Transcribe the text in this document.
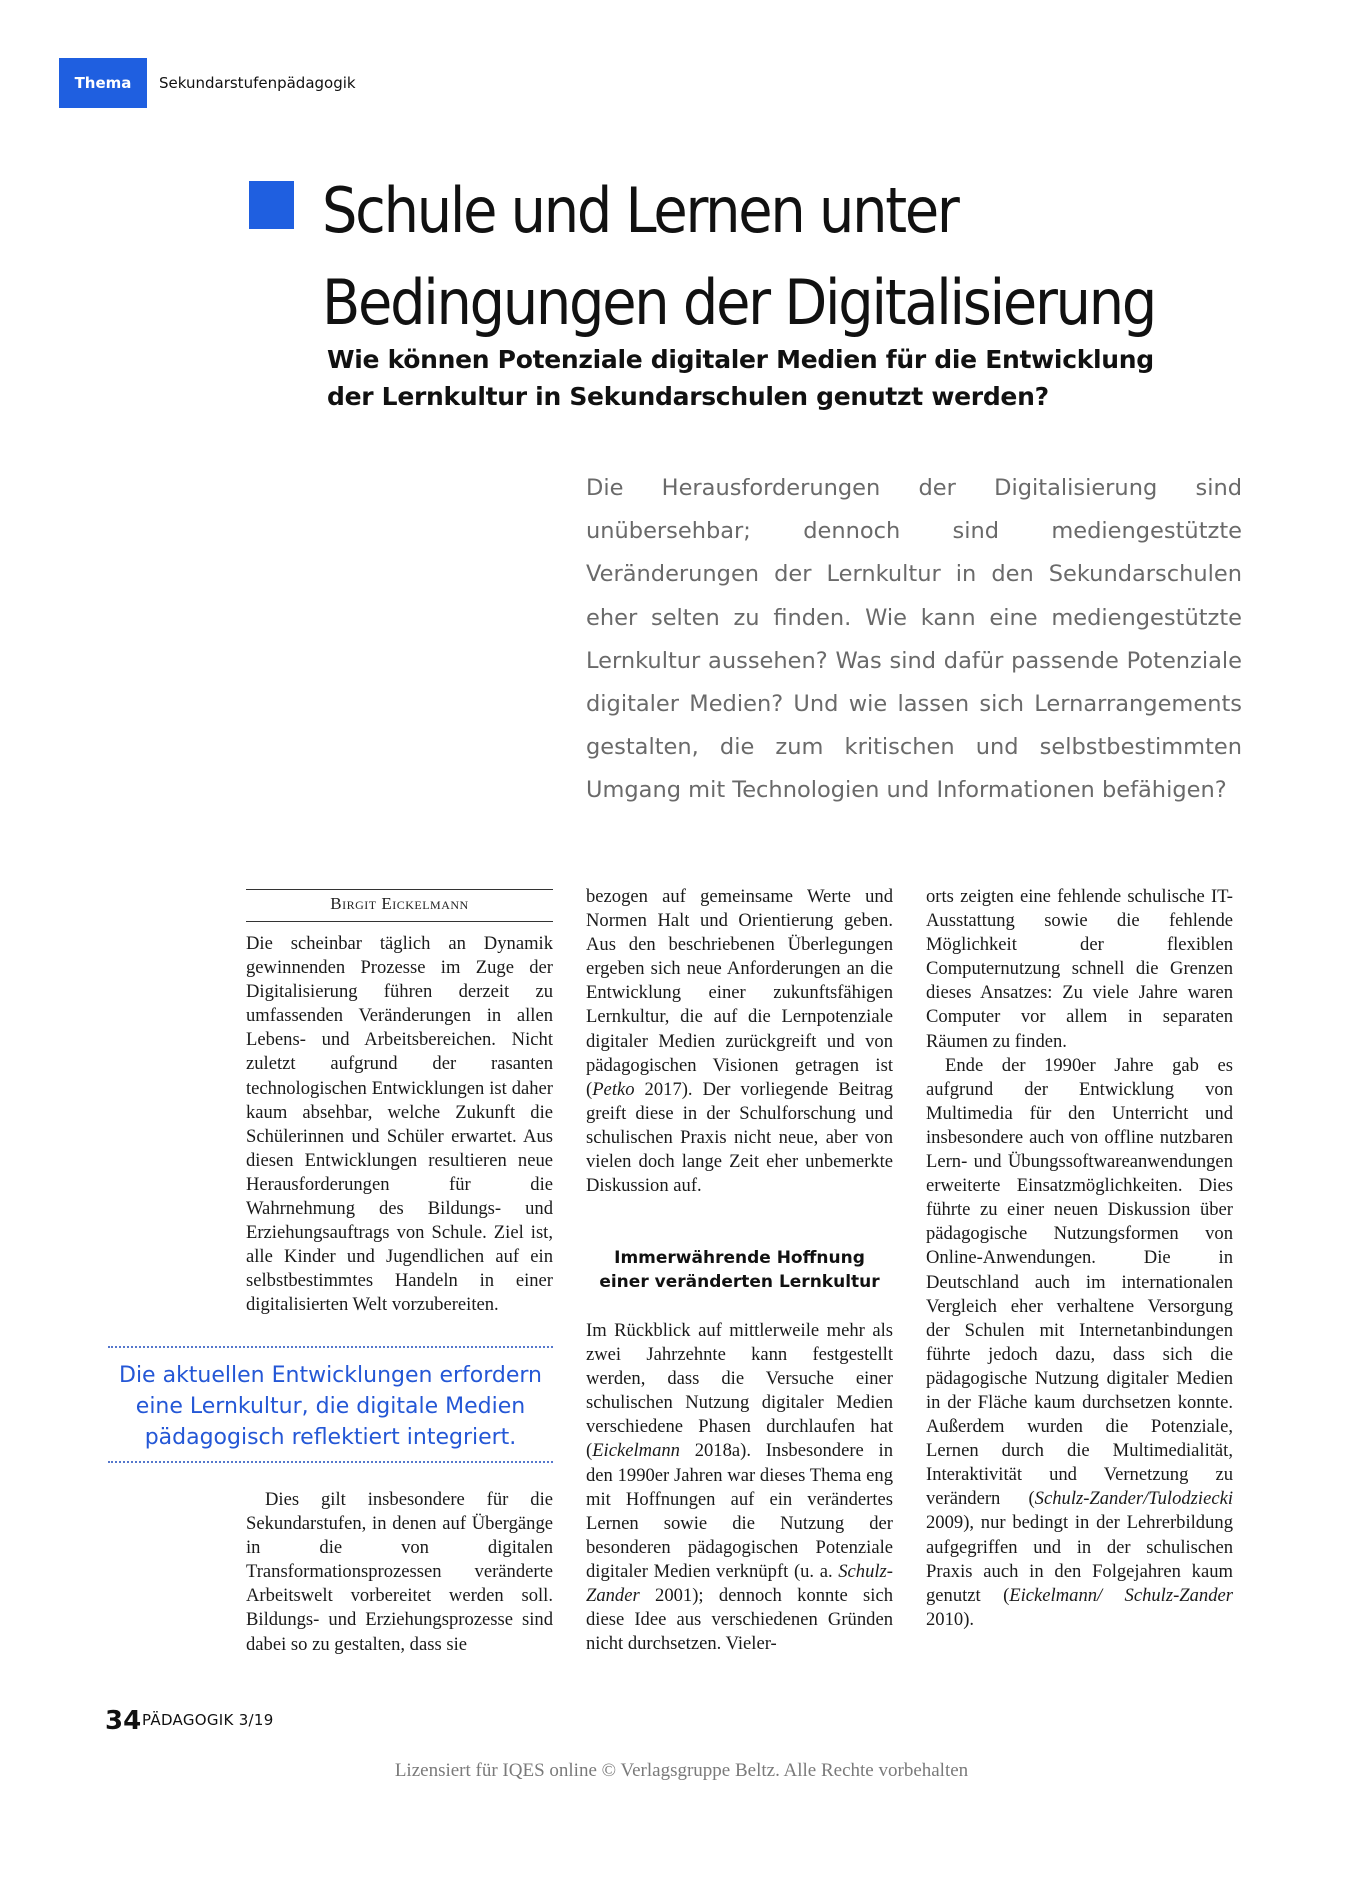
Thema	Sekundarstufenpädagogik
Schule und Lernen unter
Bedingungen der Digitalisierung
Wie können Potenziale digitaler Medien für die Entwicklung
der Lernkultur in Sekundarschulen genutzt werden?
Die Herausforderungen der Digitalisierung sind unübersehbar; dennoch sind mediengestützte Veränderungen der Lernkultur in den Sekundarschulen eher selten zu finden. Wie kann eine mediengestützte Lernkultur aussehen? Was sind dafür passende Potenziale digitaler Medien? Und wie lassen sich Lernarrangements gestalten, die zum kritischen und selbstbestimmten Umgang mit Technologien und Informationen befähigen?
Birgit Eickelmann

Die scheinbar täglich an Dynamik gewinnenden Prozesse im Zuge der Digitalisierung führen derzeit zu umfassenden Veränderungen in allen Lebens- und Arbeitsbereichen. Nicht zuletzt aufgrund der rasanten technologischen Entwicklungen ist daher kaum absehbar, welche Zukunft die Schülerinnen und Schüler erwartet. Aus diesen Entwicklungen resultieren neue Herausforderungen für die Wahrnehmung des Bildungs- und Erziehungsauftrags von Schule. Ziel ist, alle Kinder und Jugendlichen auf ein selbstbestimmtes Handeln in einer digitalisierten Welt vorzubereiten.

Die aktuellen Entwicklungen erfordern eine Lernkultur, die digitale Medien pädagogisch reflektiert integriert.

Dies gilt insbesondere für die Sekundarstufen, in denen auf Übergänge in die von digitalen Transformationsprozessen veränderte Arbeitswelt vorbereitet werden soll. Bildungs- und Erziehungsprozesse sind dabei so zu gestalten, dass sie

bezogen auf gemeinsame Werte und Normen Halt und Orientierung geben. Aus den beschriebenen Überlegungen ergeben sich neue Anforderungen an die Entwicklung einer zukunftsfähigen Lernkultur, die auf die Lernpotenziale digitaler Medien zurückgreift und von pädagogischen Visionen getragen ist (Petko 2017). Der vorliegende Beitrag greift diese in der Schulforschung und schulischen Praxis nicht neue, aber von vielen doch lange Zeit eher unbemerkte Diskussion auf.

Immerwährende Hoffnung
einer veränderten Lernkultur

Im Rückblick auf mittlerweile mehr als zwei Jahrzehnte kann festgestellt werden, dass die Versuche einer schulischen Nutzung digitaler Medien verschiedene Phasen durchlaufen hat (Eickelmann 2018a). Insbesondere in den 1990er Jahren war dieses Thema eng mit Hoffnungen auf ein verändertes Lernen sowie die Nutzung der besonderen pädagogischen Potenziale digitaler Medien verknüpft (u. a. Schulz-Zander 2001); dennoch konnte sich diese Idee aus verschiedenen Gründen nicht durchsetzen. Vieler-

orts zeigten eine fehlende schulische IT-Ausstattung sowie die fehlende Möglichkeit der flexiblen Computernutzung schnell die Grenzen dieses Ansatzes: Zu viele Jahre waren Computer vor allem in separaten Räumen zu finden.

Ende der 1990er Jahre gab es aufgrund der Entwicklung von Multimedia für den Unterricht und insbesondere auch von offline nutzbaren Lern- und Übungssoftwareanwendungen erweiterte Einsatzmöglichkeiten. Dies führte zu einer neuen Diskussion über pädagogische Nutzungsformen von Online-Anwendungen. Die in Deutschland auch im internationalen Vergleich eher verhaltene Versorgung der Schulen mit Internetanbindungen führte jedoch dazu, dass sich die pädagogische Nutzung digitaler Medien in der Fläche kaum durchsetzen konnte. Außerdem wurden die Potenziale, Lernen durch die Multimedialität, Interaktivität und Vernetzung zu verändern (Schulz-Zander/Tulodziecki 2009), nur bedingt in der Lehrerbildung aufgegriffen und in der schulischen Praxis auch in den Folgejahren kaum genutzt (Eickelmann/ Schulz-Zander 2010).

34 PÄDAGOGIK 3/19
Lizensiert für IQES online © Verlagsgruppe Beltz. Alle Rechte vorbehalten
